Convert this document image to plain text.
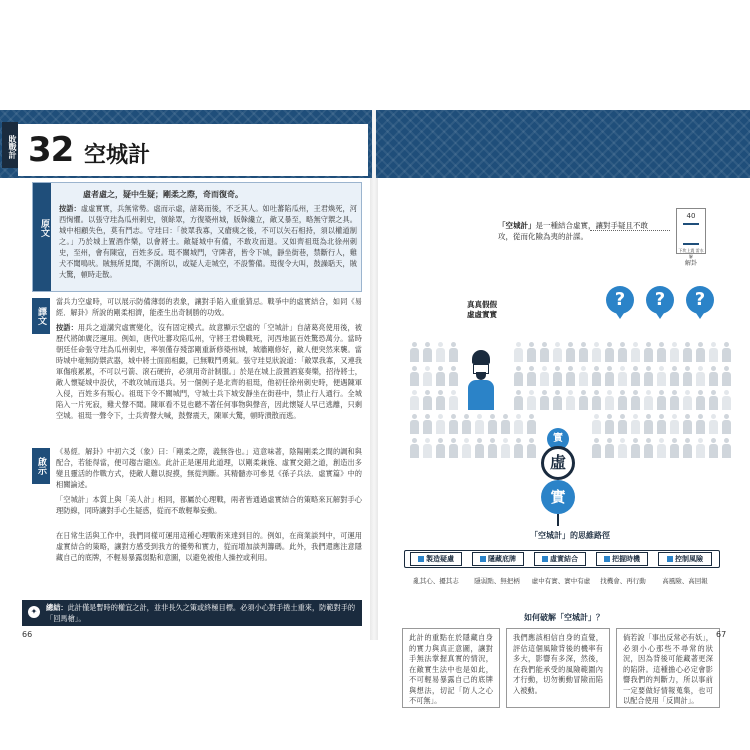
敗戰計 32 空城計
原文
虛者虛之，疑中生疑；剛柔之際，奇而復奇。
按語：虛虛實實，兵無常勢。虛而示虛，諸葛而後，不乏其人。如吐蕃陷瓜州，王君煥死，河西恟懼。以張守珪為瓜州刺史，領餘眾，方復築州城，版榦纔立，敵又暴至，略無守禦之具。城中相顧失色，莫有鬥志。守珪曰：「彼眾我寡，又瘡痍之後，不可以矢石相持，須以權道制之。」乃於城上置酒作樂，以會將士。敵疑城中有備，不敢攻而退。又如齊祖珽為北徐州刺史，至州，會有陳寇，百姓多反。珽不關城門，守陴者，皆令下城，靜坐街巷，禁斷行人，雞犬不聞鳴吠。賊無所見聞，不測所以，或疑人走城空，不設警備。珽復令大叫，鼓譟聒天，賊大驚，頓時走散。
譯文
當兵力空虛時，可以展示防備薄弱的表象，讓對手陷入重重猜忌。戰爭中的虛實結合，如同《易經．解卦》所說的剛柔相濟，能產生出奇制勝的功效。
按語：用兵之道講究虛實變化，沒有固定模式。故意顯示空虛的「空城計」自諸葛亮使用後，被歷代將帥廣泛運用。例如，唐代吐蕃攻陷瓜州，守將王君煥戰死，河西地區百姓驚恐萬分。當時朝廷任命張守珪為瓜州刺史，率領僅存殘部剛重新修築州城，城牆剛修好，敵人便突然來襲。當時城中毫無防禦武器，城中將士面面相覷，已無戰鬥勇氣。張守珪見狀說道：「敵眾我寡，又連我軍傷痕累累，不可以弓箭、滾石硬拚，必須用奇計制服。」於是在城上設置酒宴奏樂，招待將士，敵人懷疑城中設伏，不敢攻城而退兵。另一個例子是北齊的祖珽，他初任徐州刺史時，便遇陳軍入侵，百姓多有叛心。祖珽下令不關城門，守城士兵下城安靜坐在街巷中，禁止行人通行。全城陷入一片死寂，雞犬聲不聞。陳軍看不見也聽不著任何事物與聲音，因此懷疑人早已逃離，只剩空城。祖珽一聲令下，士兵齊聲大喊，鼓聲震天，陳軍大驚，頓時潰散而逃。
啟示
《易經．解卦》中初六爻（象）曰：「剛柔之際，義無咎也。」這意味著，陰陽剛柔之間的調和與配合，若能得當，便可趨吉避凶。此計正是運用此道理，以剛柔兼施、虛實交錯之道，創造出多變且靈活的作戰方式，使敵人難以捉摸，無從判斷。其精髓亦可參見《孫子兵法．虛實篇》中的相關論述。
「空城計」本質上與「美人計」相同，都屬於心理戰，兩者皆通過虛實結合的策略來瓦解對手心理防線，同時讓對手心生疑惑，從而不敢輕舉妄動。
在日常生活與工作中，我們同樣可運用這種心理戰術來達到目的。例如，在商業談判中，可運用虛實結合的策略，讓對方感受到我方的優勢和實力，從而增加談判籌碼。此外，我們還應注意隱藏自己的底牌，不輕易暴露弱點和意圖，以避免被他人操控或利用。
✦	總結：此計僅是暫時的權宜之計，並非長久之策或終極目標。必須小心對手捲土重來，防範對手的「回馬槍」。
66
「空城計」是一種結合虛實，讓對手疑且不敢攻，從而化險為夷的計謀。
40
下坎上震 雷水解
解卦
?	?	?
真真假假 虛虛實實
實
虛
實
「空城計」的思維路徑
製造疑慮	隱藏底牌	虛實結合	把握時機	控制風險
亂其心、擾其志	隱弱點、無把柄	虛中有實、實中有虛	找機會、再行動	高風險、高回報
如何破解「空城計」？
此計的重點在於隱藏自身的實力與真正意圖，讓對手無法掌握真實的情況，在敵實生法中也是如此，不可輕易暴露自己的底牌與想法，切記「防人之心不可無」。
我們應該相信自身的直覺，評估這個風險背後的機率有多大，影響有多深，然後，在我們能承受的風險範圍內才行動，切勿衝動冒險而陷入被動。
倘若說「事出反常必有妖」，必須小心那些不尋常的狀況，因為背後可能藏著更深的陷阱。這種擔心必定會影響我們的判斷力，所以事前一定要做好情報蒐集，也可以配合使用「反間計」。
67
